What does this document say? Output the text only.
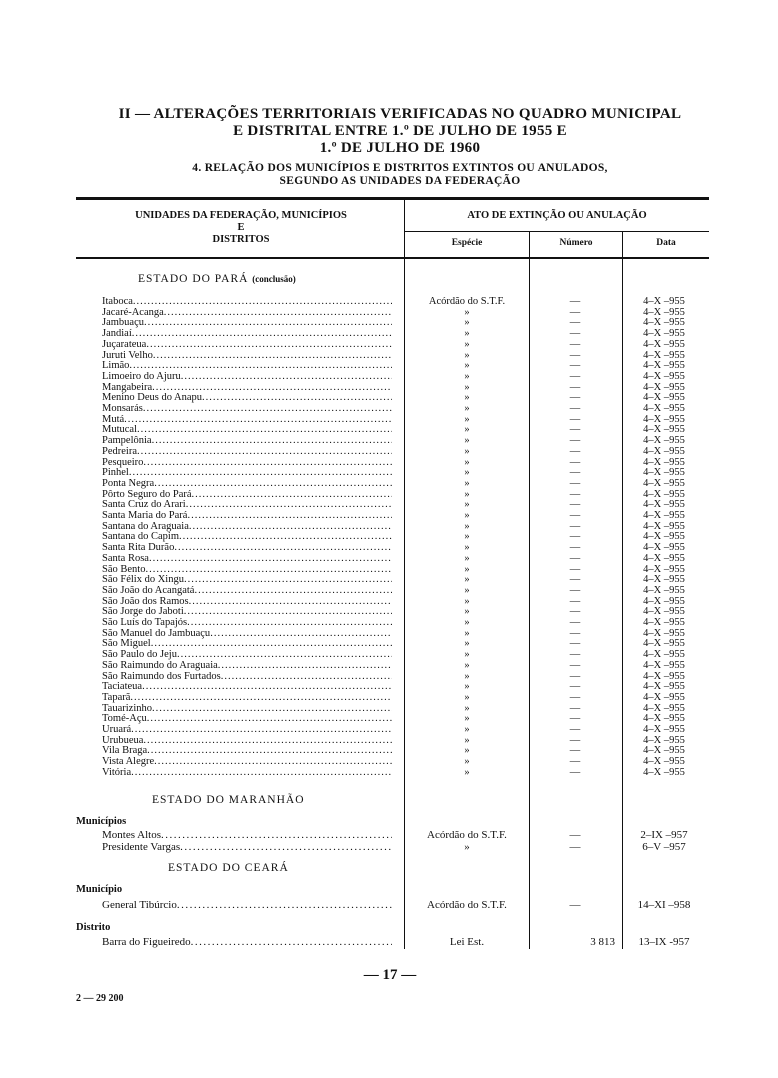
II — ALTERAÇÕES TERRITORIAIS VERIFICADAS NO QUADRO MUNICIPAL
E DISTRITAL ENTRE 1.º DE JULHO DE 1955 E
1.º DE JULHO DE 1960
4. RELAÇÃO DOS MUNICÍPIOS E DISTRITOS EXTINTOS OU ANULADOS,
SEGUNDO AS UNIDADES DA FEDERAÇÃO
UNIDADES DA FEDERAÇÃO, MUNICÍPIOS
E
DISTRITOS
ATO DE EXTINÇÃO OU ANULAÇÃO
Espécie	Número	Data
ESTADO DO PARÁ (conclusão)
Itaboca .....	Acórdão do S.T.F.	—	4–X –955
Jacaré-Acanga .....	»	—	4–X –955
Jambuaçu .....	»	—	4–X –955
Jandiaí .....	»	—	4–X –955
Juçarateua .....	»	—	4–X –955
Juruti Velho .....	»	—	4–X –955
Limão .....	»	—	4–X –955
Limoeiro do Ajuru .....	»	—	4–X –955
Mangabeira .....	»	—	4–X –955
Menino Deus do Anapu .....	»	—	4–X –955
Monsarás .....	»	—	4–X –955
Mutá .....	»	—	4–X –955
Mutucal .....	»	—	4–X –955
Pampelônia .....	»	—	4–X –955
Pedreira .....	»	—	4–X –955
Pesqueiro .....	»	—	4–X –955
Pinhel .....	»	—	4–X –955
Ponta Negra .....	»	—	4–X –955
Pôrto Seguro do Pará .....	»	—	4–X –955
Santa Cruz do Arari .....	»	—	4–X –955
Santa Maria do Pará .....	»	—	4–X –955
Santana do Araguaia .....	»	—	4–X –955
Santana do Capim .....	»	—	4–X –955
Santa Rita Durão .....	»	—	4–X –955
Santa Rosa .....	»	—	4–X –955
São Bento .....	»	—	4–X –955
São Félix do Xingu .....	»	—	4–X –955
São João do Acangatá .....	»	—	4–X –955
São João dos Ramos .....	»	—	4–X –955
São Jorge do Jaboti .....	»	—	4–X –955
São Luís do Tapajós .....	»	—	4–X –955
São Manuel do Jambuaçu .....	»	—	4–X –955
São Miguel .....	»	—	4–X –955
São Paulo do Jeju .....	»	—	4–X –955
São Raimundo do Araguaia .....	»	—	4–X –955
São Raimundo dos Furtados .....	»	—	4–X –955
Taciateua .....	»	—	4–X –955
Taparã .....	»	—	4–X –955
Tauarizinho .....	»	—	4–X –955
Tomé-Açu .....	»	—	4–X –955
Uruará .....	»	—	4–X –955
Urubueua .....	»	—	4–X –955
Vila Braga .....	»	—	4–X –955
Vista Alegre .....	»	—	4–X –955
Vitória .....	»	—	4–X –955
ESTADO DO MARANHÃO
Municípios
Montes Altos .....	Acórdão do S.T.F.	—	2–IX –957
Presidente Vargas .....	»	—	6–V –957
ESTADO DO CEARÁ
Município
General Tibúrcio .....	Acórdão do S.T.F.	—	14–XI –958
Distrito
Barra do Figueiredo .....	Lei Est.	3 813	13–IX -957
— 17 —
2 — 29 200
